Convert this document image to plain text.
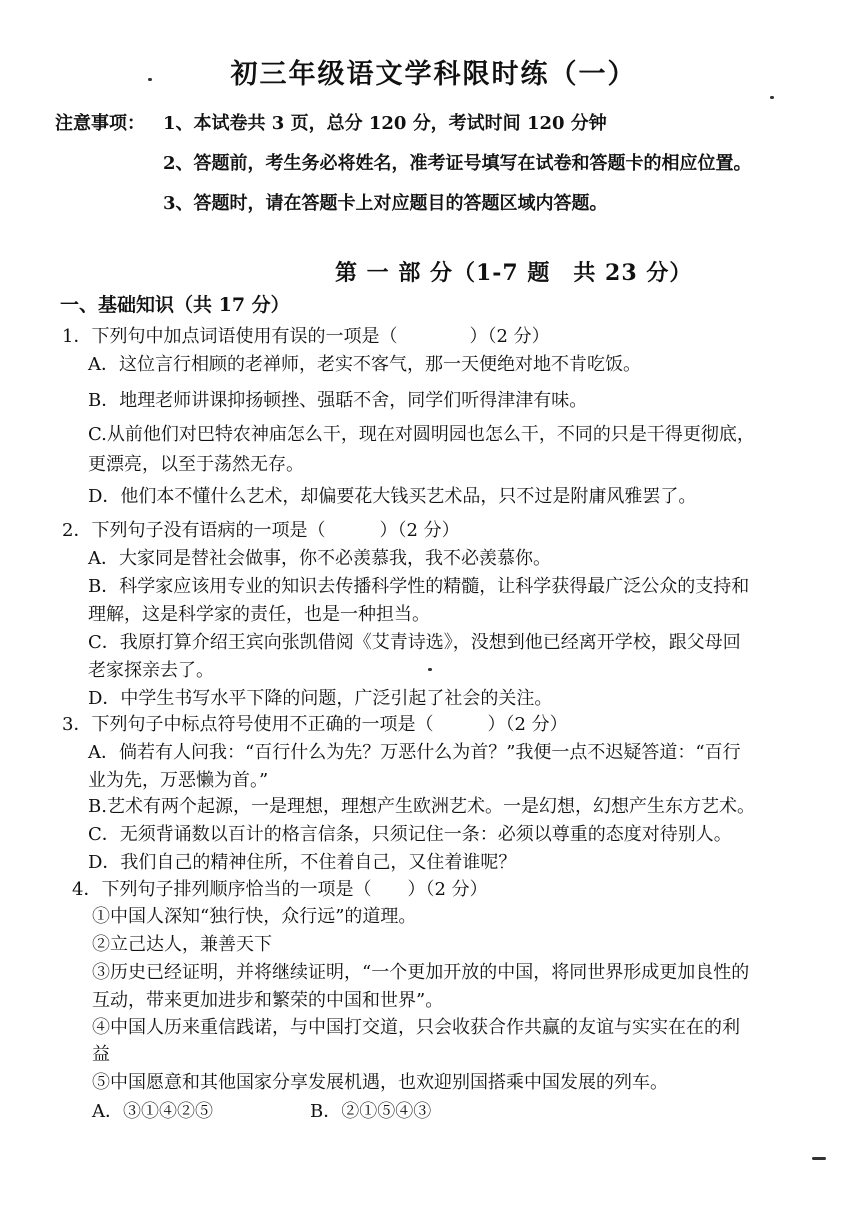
初三年级语文学科限时练（一）
注意事项： 1、本试卷共 3 页，总分 120 分，考试时间 120 分钟
2、答题前，考生务必将姓名，准考证号填写在试卷和答题卡的相应位置。
3、答题时，请在答题卡上对应题目的答题区域内答题。
第 一 部 分（1-7 题　共 23 分）
一、基础知识（共 17 分）
1．下列句中加点词语使用有误的一项是（　　　　）（2 分）
A．这位言行相顾的老禅师，老实不客气，那一天便绝对地不肯吃饭。
B．地理老师讲课抑扬顿挫、强聒不舍，同学们听得津津有味。
C.从前他们对巴特农神庙怎么干，现在对圆明园也怎么干，不同的只是干得更彻底，
更漂亮，以至于荡然无存。
D．他们本不懂什么艺术，却偏要花大钱买艺术品，只不过是附庸风雅罢了。
2．下列句子没有语病的一项是（　　　）（2 分）
A．大家同是替社会做事，你不必羡慕我，我不必羡慕你。
B．科学家应该用专业的知识去传播科学性的精髓，让科学获得最广泛公众的支持和
理解，这是科学家的责任，也是一种担当。
C．我原打算介绍王宾向张凯借阅《艾青诗选》，没想到他已经离开学校，跟父母回
老家探亲去了。
D．中学生书写水平下降的问题，广泛引起了社会的关注。
3．下列句子中标点符号使用不正确的一项是（　　　）（2 分）
A．倘若有人问我：“百行什么为先？万恶什么为首？”我便一点不迟疑答道：“百行
业为先，万恶懒为首。”
B.艺术有两个起源，一是理想，理想产生欧洲艺术。一是幻想，幻想产生东方艺术。
C．无须背诵数以百计的格言信条，只须记住一条：必须以尊重的态度对待别人。
D．我们自己的精神住所，不住着自己，又住着谁呢？
4．下列句子排列顺序恰当的一项是（　　）（2 分）
①中国人深知“独行快，众行远”的道理。
②立己达人，兼善天下
③历史已经证明，并将继续证明，“一个更加开放的中国，将同世界形成更加良性的
互动，带来更加进步和繁荣的中国和世界”。
④中国人历来重信践诺，与中国打交道，只会收获合作共赢的友谊与实实在在的利
益
⑤中国愿意和其他国家分享发展机遇，也欢迎别国搭乘中国发展的列车。
A．③①④②⑤	B．②①⑤④③
